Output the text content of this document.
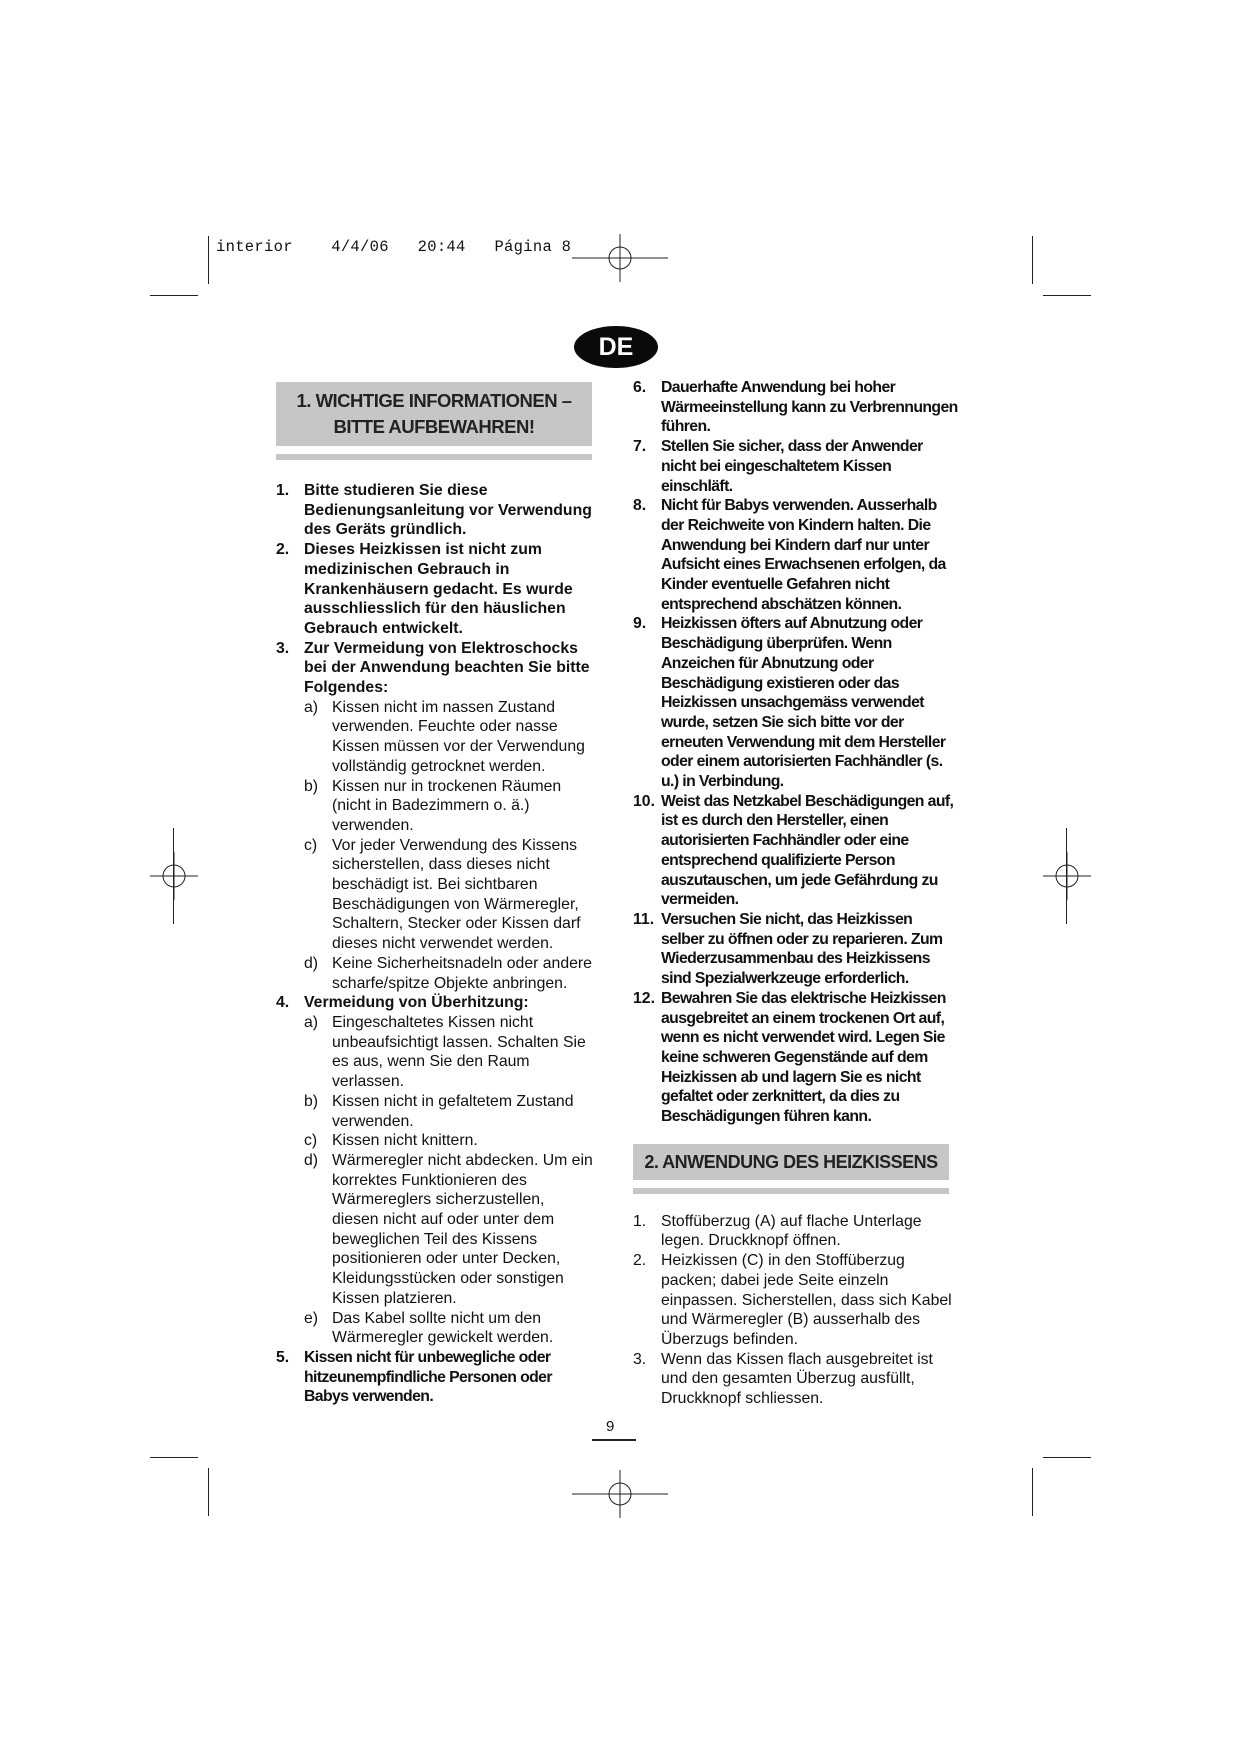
interior    4/4/06   20:44   Página 8
DE
1. WICHTIGE INFORMATIONEN – BITTE AUFBEWAHREN!
1. Bitte studieren Sie diese Bedienungsanleitung vor Verwendung des Geräts gründlich.
2. Dieses Heizkissen ist nicht zum medizinischen Gebrauch in Krankenhäusern gedacht. Es wurde ausschliesslich für den häuslichen Gebrauch entwickelt.
3. Zur Vermeidung von Elektroschocks bei der Anwendung beachten Sie bitte Folgendes:
a) Kissen nicht im nassen Zustand verwenden. Feuchte oder nasse Kissen müssen vor der Verwendung vollständig getrocknet werden.
b) Kissen nur in trockenen Räumen (nicht in Badezimmern o. ä.) verwenden.
c) Vor jeder Verwendung des Kissens sicherstellen, dass dieses nicht beschädigt ist. Bei sichtbaren Beschädigungen von Wärmeregler, Schaltern, Stecker oder Kissen darf dieses nicht verwendet werden.
d) Keine Sicherheitsnadeln oder andere scharfe/spitze Objekte anbringen.
4. Vermeidung von Überhitzung:
a) Eingeschaltetes Kissen nicht unbeaufsichtigt lassen. Schalten Sie es aus, wenn Sie den Raum verlassen.
b) Kissen nicht in gefaltetem Zustand verwenden.
c) Kissen nicht knittern.
d) Wärmeregler nicht abdecken. Um ein korrektes Funktionieren des Wärmereglers sicherzustellen, diesen nicht auf oder unter dem beweglichen Teil des Kissens positionieren oder unter Decken, Kleidungsstücken oder sonstigen Kissen platzieren.
e) Das Kabel sollte nicht um den Wärmeregler gewickelt werden.
5. Kissen nicht für unbewegliche oder hitzeunempfindliche Personen oder Babys verwenden.
6. Dauerhafte Anwendung bei hoher Wärmeeinstellung kann zu Verbrennungen führen.
7. Stellen Sie sicher, dass der Anwender nicht bei eingeschaltetem Kissen einschläft.
8. Nicht für Babys verwenden. Ausserhalb der Reichweite von Kindern halten. Die Anwendung bei Kindern darf nur unter Aufsicht eines Erwachsenen erfolgen, da Kinder eventuelle Gefahren nicht entsprechend abschätzen können.
9. Heizkissen öfters auf Abnutzung oder Beschädigung überprüfen. Wenn Anzeichen für Abnutzung oder Beschädigung existieren oder das Heizkissen unsachgemäss verwendet wurde, setzen Sie sich bitte vor der erneuten Verwendung mit dem Hersteller oder einem autorisierten Fachhändler (s. u.) in Verbindung.
10. Weist das Netzkabel Beschädigungen auf, ist es durch den Hersteller, einen autorisierten Fachhändler oder eine entsprechend qualifizierte Person auszutauschen, um jede Gefährdung zu vermeiden.
11. Versuchen Sie nicht, das Heizkissen selber zu öffnen oder zu reparieren. Zum Wiederzusammenbau des Heizkissens sind Spezialwerkzeuge erforderlich.
12. Bewahren Sie das elektrische Heizkissen ausgebreitet an einem trockenen Ort auf, wenn es nicht verwendet wird. Legen Sie keine schweren Gegenstände auf dem Heizkissen ab und lagern Sie es nicht gefaltet oder zerknittert, da dies zu Beschädigungen führen kann.
2. ANWENDUNG DES HEIZKISSENS
1. Stoffüberzug (A) auf flache Unterlage legen. Druckknopf öffnen.
2. Heizkissen (C) in den Stoffüberzug packen; dabei jede Seite einzeln einpassen. Sicherstellen, dass sich Kabel und Wärmeregler (B) ausserhalb des Überzugs befinden.
3. Wenn das Kissen flach ausgebreitet ist und den gesamten Überzug ausfüllt, Druckknopf schliessen.
9
